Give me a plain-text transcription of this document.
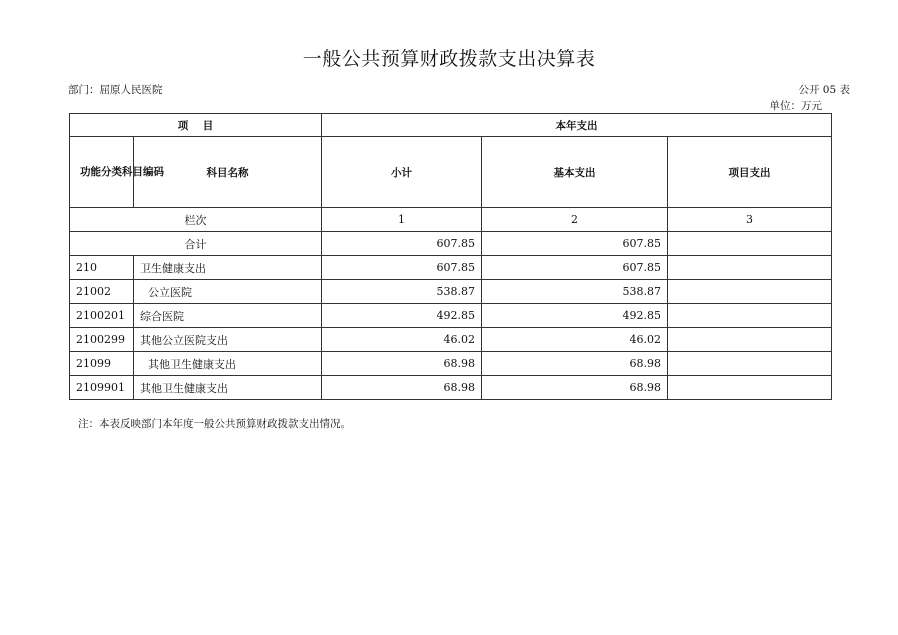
一般公共预算财政拨款支出决算表
部门：屈原人民医院	公开 05 表
单位：万元
项    目		本年支出		
功能分类科目编码	科目名称	小计	基本支出	项目支出
栏次		1	2	3
合计		607.85	607.85	
210	卫生健康支出	607.85	607.85	
21002	公立医院	538.87	538.87	
2100201	综合医院	492.85	492.85	
2100299	其他公立医院支出	46.02	46.02	
21099	其他卫生健康支出	68.98	68.98	
2109901	其他卫生健康支出	68.98	68.98	
注：本表反映部门本年度一般公共预算财政拨款支出情况。
